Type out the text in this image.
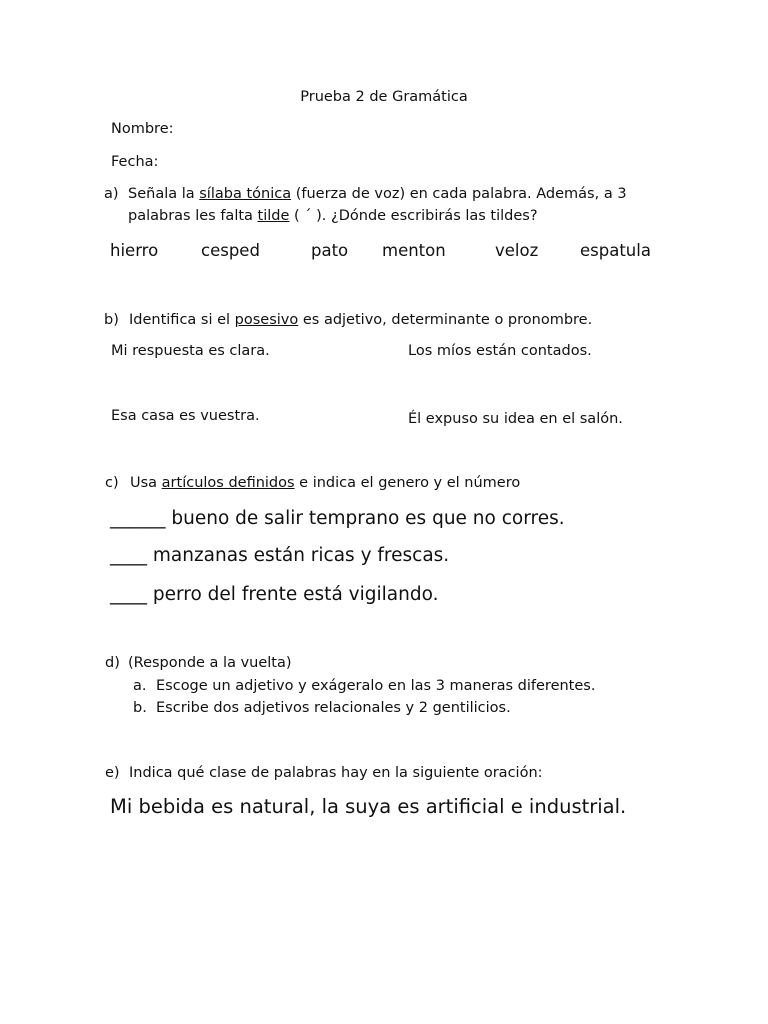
Prueba 2 de Gramática
Nombre:
Fecha:
a) Señala la sílaba tónica (fuerza de voz) en cada palabra. Además, a 3
palabras les falta tilde ( ´ ). ¿Dónde escribirás las tildes?
hierro	cesped	pato menton	veloz	espatula
b) Identifica si el posesivo es adjetivo, determinante o pronombre.
Mi respuesta es clara.	Los míos están contados.
Esa casa es vuestra.	Él expuso su idea en el salón.
c) Usa artículos definidos e indica el genero y el número
______ bueno de salir temprano es que no corres.
____ manzanas están ricas y frescas.
____ perro del frente está vigilando.
d) (Responde a la vuelta)
a. Escoge un adjetivo y exágeralo en las 3 maneras diferentes.
b. Escribe dos adjetivos relacionales y 2 gentilicios.
e) Indica qué clase de palabras hay en la siguiente oración:
Mi bebida es natural, la suya es artificial e industrial.
